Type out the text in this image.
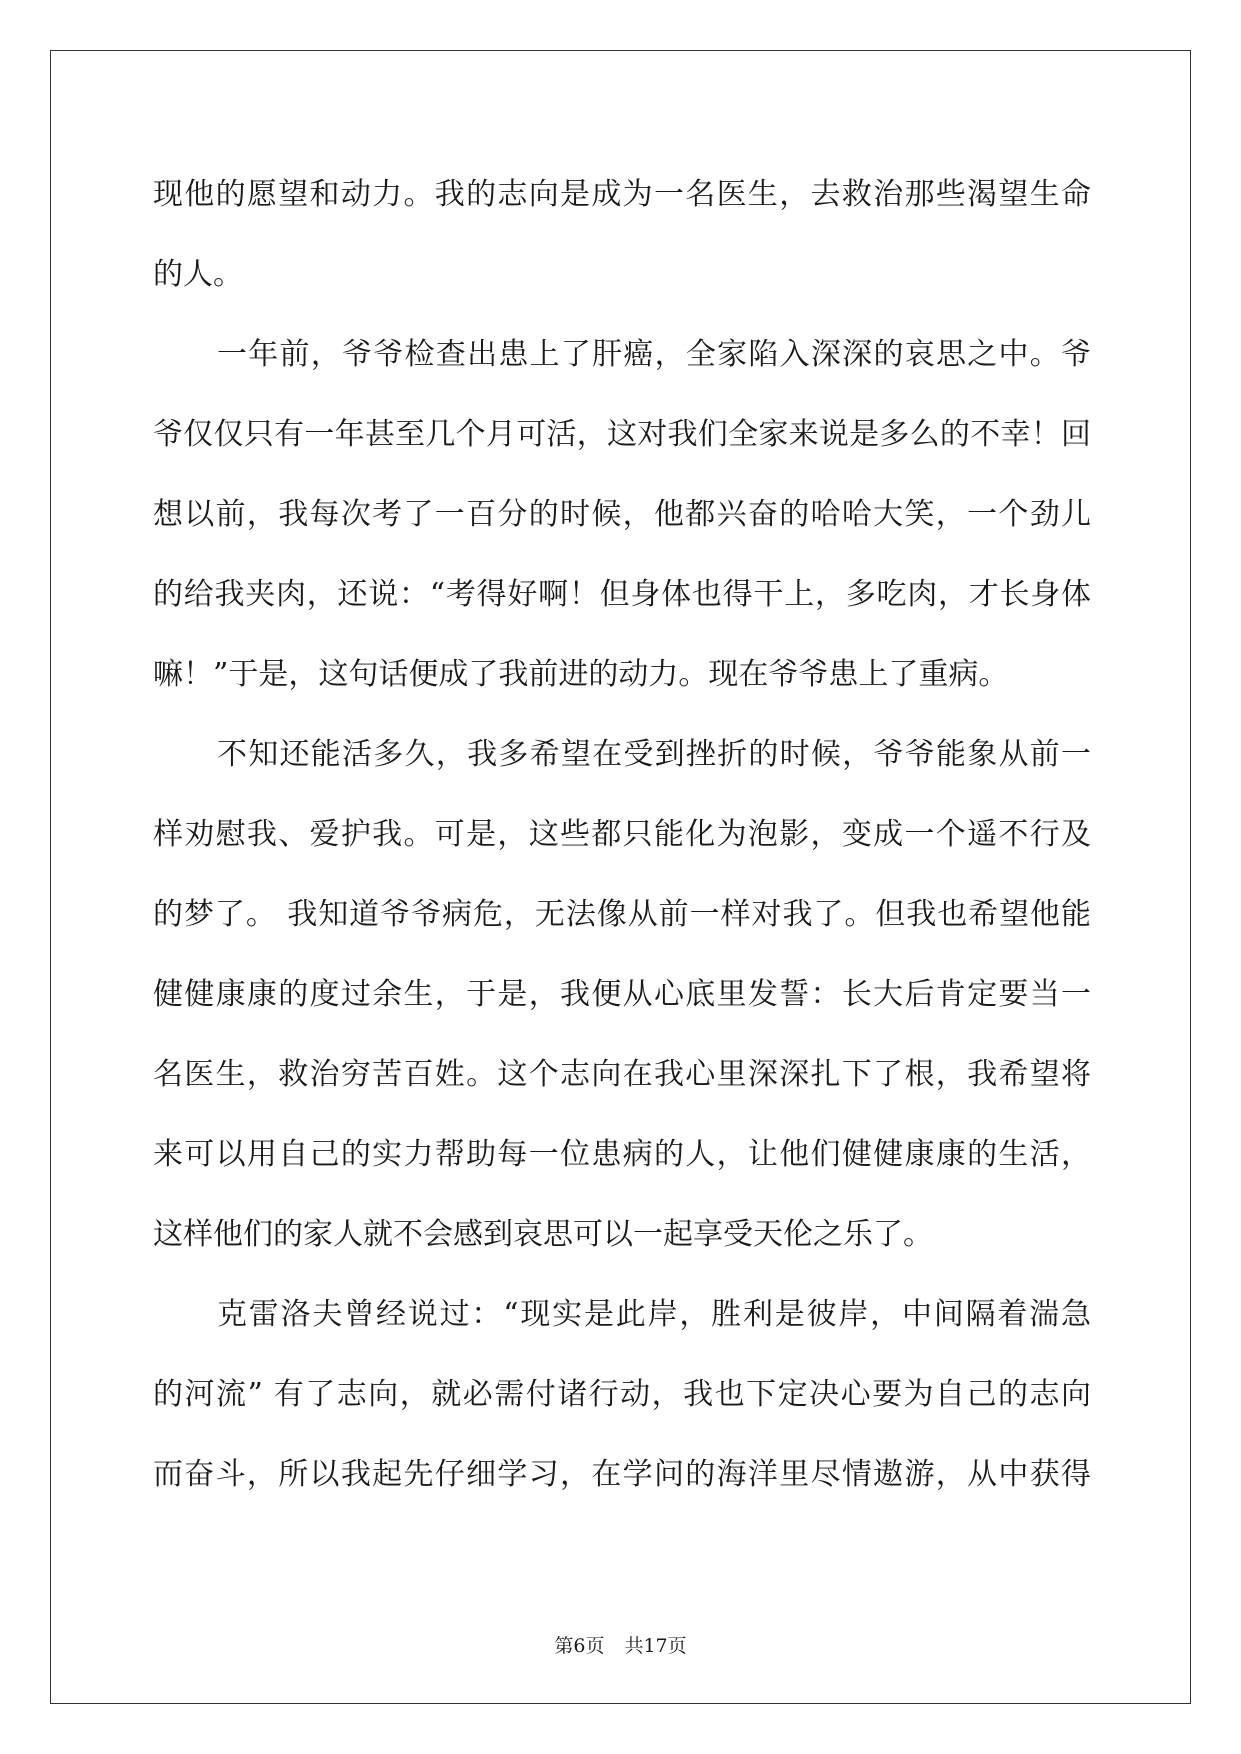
现他的愿望和动力。我的志向是成为一名医生，去救治那些渴望生命
的人。
一年前，爷爷检查出患上了肝癌，全家陷入深深的哀思之中。爷
爷仅仅只有一年甚至几个月可活，这对我们全家来说是多么的不幸！回
想以前，我每次考了一百分的时候，他都兴奋的哈哈大笑，一个劲儿
的给我夹肉，还说：“考得好啊！但身体也得干上，多吃肉，才长身体
嘛！”于是，这句话便成了我前进的动力。现在爷爷患上了重病。
不知还能活多久，我多希望在受到挫折的时候，爷爷能象从前一
样劝慰我、爱护我。可是，这些都只能化为泡影，变成一个遥不行及
的梦了。 我知道爷爷病危，无法像从前一样对我了。但我也希望他能
健健康康的度过余生，于是，我便从心底里发誓：长大后肯定要当一
名医生，救治穷苦百姓。这个志向在我心里深深扎下了根，我希望将
来可以用自己的实力帮助每一位患病的人，让他们健健康康的生活，
这样他们的家人就不会感到哀思可以一起享受天伦之乐了。
克雷洛夫曾经说过：“现实是此岸，胜利是彼岸，中间隔着湍急
的河流” 有了志向，就必需付诸行动，我也下定决心要为自己的志向
而奋斗，所以我起先仔细学习，在学问的海洋里尽情遨游，从中获得
第6页 共17页
